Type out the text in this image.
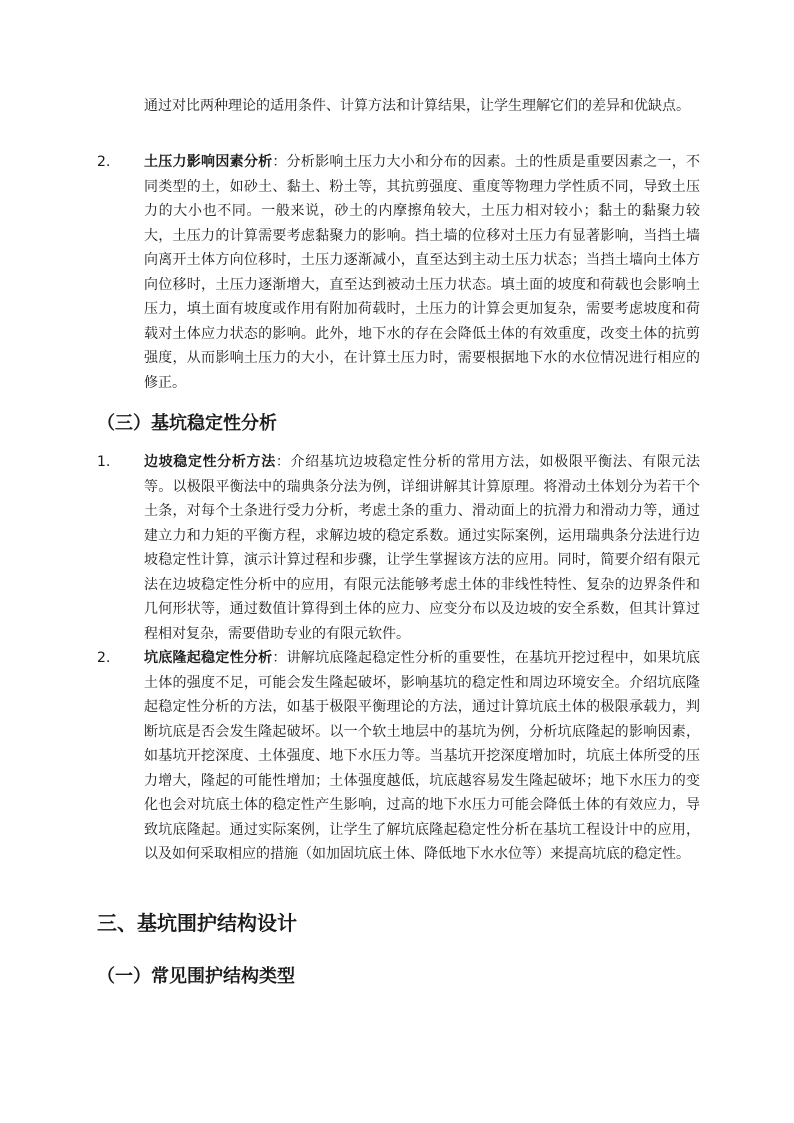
通过对比两种理论的适用条件、计算方法和计算结果，让学生理解它们的差异和优缺点。

2. 土压力影响因素分析：分析影响土压力大小和分布的因素。土的性质是重要因素之一，不同类型的土，如砂土、黏土、粉土等，其抗剪强度、重度等物理力学性质不同，导致土压力的大小也不同。一般来说，砂土的内摩擦角较大，土压力相对较小；黏土的黏聚力较大，土压力的计算需要考虑黏聚力的影响。挡土墙的位移对土压力有显著影响，当挡土墙向离开土体方向位移时，土压力逐渐减小，直至达到主动土压力状态；当挡土墙向土体方向位移时，土压力逐渐增大，直至达到被动土压力状态。填土面的坡度和荷载也会影响土压力，填土面有坡度或作用有附加荷载时，土压力的计算会更加复杂，需要考虑坡度和荷载对土体应力状态的影响。此外，地下水的存在会降低土体的有效重度，改变土体的抗剪强度，从而影响土压力的大小，在计算土压力时，需要根据地下水的水位情况进行相应的修正。

（三）基坑稳定性分析
1. 边坡稳定性分析方法：介绍基坑边坡稳定性分析的常用方法，如极限平衡法、有限元法等。以极限平衡法中的瑞典条分法为例，详细讲解其计算原理。将滑动土体划分为若干个土条，对每个土条进行受力分析，考虑土条的重力、滑动面上的抗滑力和滑动力等，通过建立力和力矩的平衡方程，求解边坡的稳定系数。通过实际案例，运用瑞典条分法进行边坡稳定性计算，演示计算过程和步骤，让学生掌握该方法的应用。同时，简要介绍有限元法在边坡稳定性分析中的应用，有限元法能够考虑土体的非线性特性、复杂的边界条件和几何形状等，通过数值计算得到土体的应力、应变分布以及边坡的安全系数，但其计算过程相对复杂，需要借助专业的有限元软件。

2. 坑底隆起稳定性分析：讲解坑底隆起稳定性分析的重要性，在基坑开挖过程中，如果坑底土体的强度不足，可能会发生隆起破坏，影响基坑的稳定性和周边环境安全。介绍坑底隆起稳定性分析的方法，如基于极限平衡理论的方法，通过计算坑底土体的极限承载力，判断坑底是否会发生隆起破坏。以一个软土地层中的基坑为例，分析坑底隆起的影响因素，如基坑开挖深度、土体强度、地下水压力等。当基坑开挖深度增加时，坑底土体所受的压力增大，隆起的可能性增加；土体强度越低，坑底越容易发生隆起破坏；地下水压力的变化也会对坑底土体的稳定性产生影响，过高的地下水压力可能会降低土体的有效应力，导致坑底隆起。通过实际案例，让学生了解坑底隆起稳定性分析在基坑工程设计中的应用，以及如何采取相应的措施（如加固坑底土体、降低地下水水位等）来提高坑底的稳定性。

三、基坑围护结构设计
（一）常见围护结构类型
